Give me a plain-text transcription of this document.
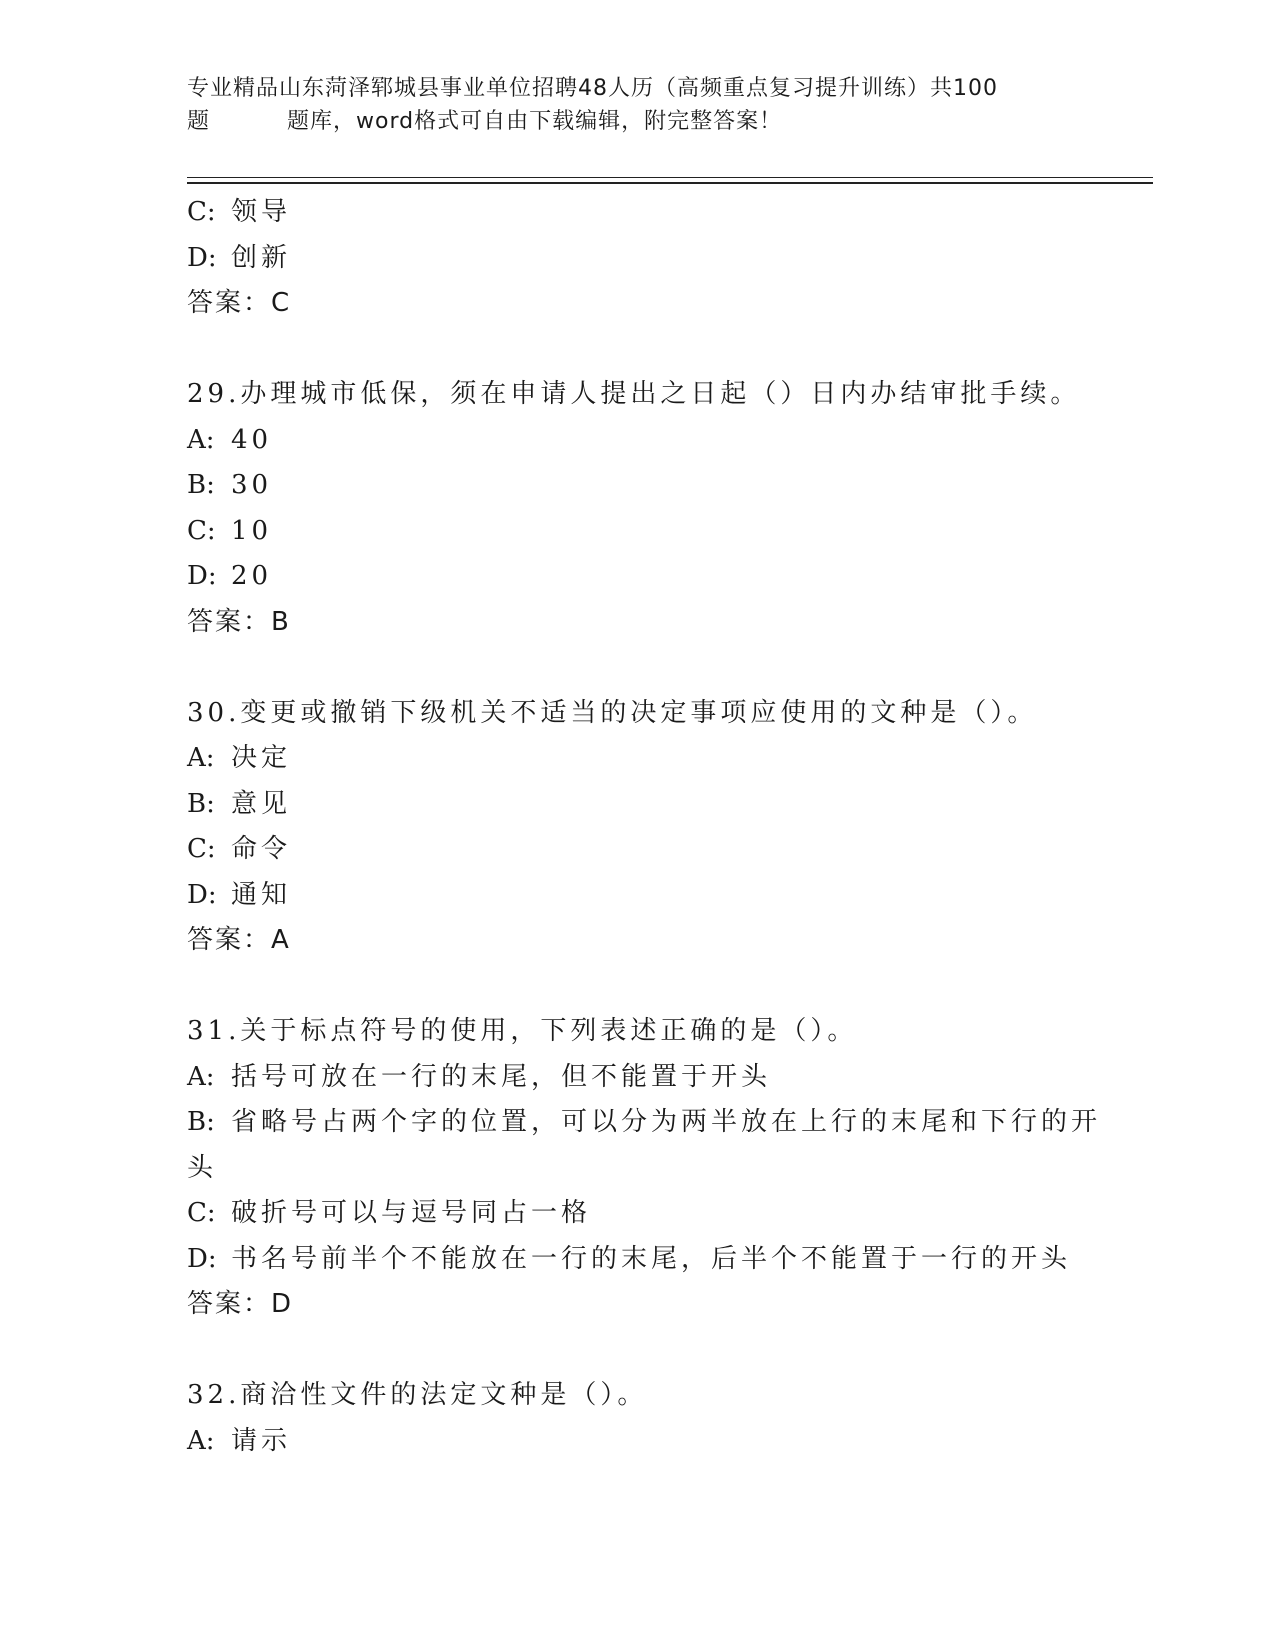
专业精品山东菏泽郓城县事业单位招聘48人历（高频重点复习提升训练）共100
题	题库，word格式可自由下载编辑，附完整答案！
C: 领导
D: 创新
答案：C
29.办理城市低保，须在申请人提出之日起（）日内办结审批手续。
A: 40
B: 30
C: 10
D: 20
答案：B
30.变更或撤销下级机关不适当的决定事项应使用的文种是（）。
A: 决定
B: 意见
C: 命令
D: 通知
答案：A
31.关于标点符号的使用，下列表述正确的是（）。
A: 括号可放在一行的末尾，但不能置于开头
B: 省略号占两个字的位置，可以分为两半放在上行的末尾和下行的开
头
C: 破折号可以与逗号同占一格
D: 书名号前半个不能放在一行的末尾，后半个不能置于一行的开头
答案：D
32.商洽性文件的法定文种是（）。
A: 请示
